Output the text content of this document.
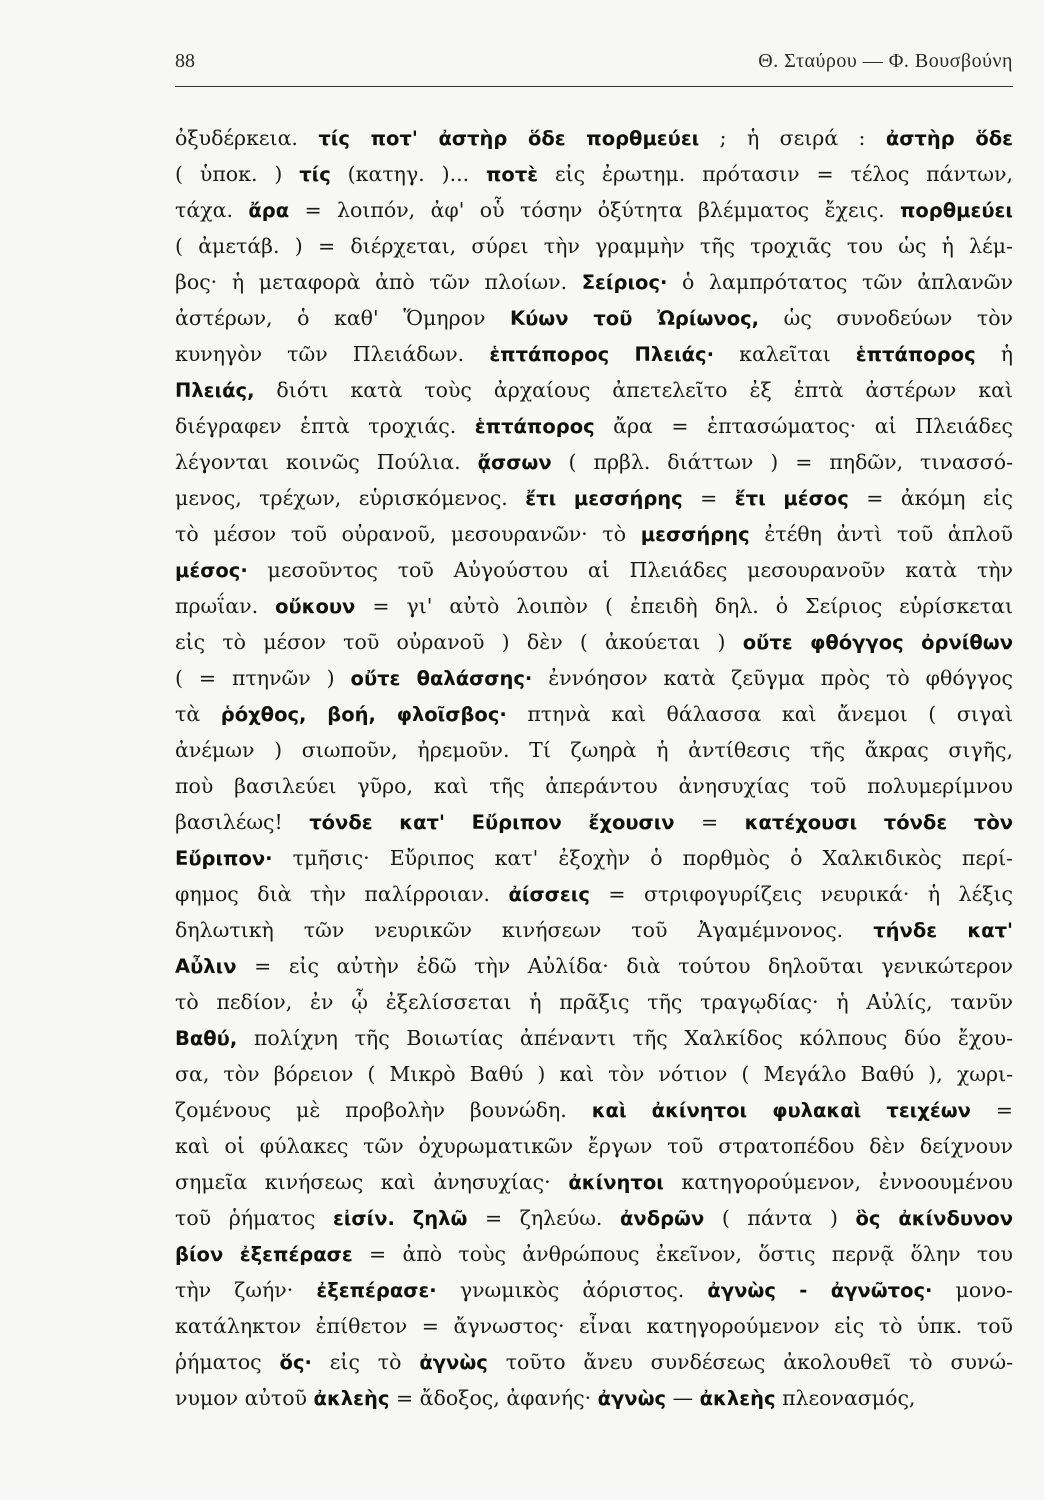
88	Θ. Σταύρου — Φ. Βουσβούνη
ὀξυδέρκεια. τίς ποτ' ἀστὴρ ὅδε πορθμεύει ; ἡ σειρά : ἀστὴρ ὅδε
( ὑποκ. ) τίς (κατηγ. )... ποτὲ εἰς ἐρωτημ. πρότασιν = τέλος πάντων,
τάχα. ἄρα = λοιπόν, ἀφ' οὗ τόσην ὀξύτητα βλέμματος ἔχεις. πορθμεύει
( ἀμετάβ. ) = διέρχεται, σύρει τὴν γραμμὴν τῆς τροχιᾶς του ὡς ἡ λέμ-
βος· ἡ μεταφορὰ ἀπὸ τῶν πλοίων. Σείριος· ὁ λαμπρότατος τῶν ἀπλανῶν
ἀστέρων, ὁ καθ' Ὅμηρον Κύων τοῦ Ὠρίωνος, ὡς συνοδεύων τὸν
κυνηγὸν τῶν Πλειάδων. ἑπτάπορος Πλειάς· καλεῖται ἑπτάπορος ἡ
Πλειάς, διότι κατὰ τοὺς ἀρχαίους ἀπετελεῖτο ἐξ ἑπτὰ ἀστέρων καὶ
διέγραφεν ἑπτὰ τροχιάς. ἑπτάπορος ἄρα = ἑπτασώματος· αἱ Πλειάδες
λέγονται κοινῶς Πούλια. ᾄσσων ( πρβλ. διάττων ) = πηδῶν, τινασσό-
μενος, τρέχων, εὑρισκόμενος. ἔτι μεσσήρης = ἔτι μέσος = ἀκόμη εἰς
τὸ μέσον τοῦ οὐρανοῦ, μεσουρανῶν· τὸ μεσσήρης ἐτέθη ἀντὶ τοῦ ἁπλοῦ
μέσος· μεσοῦντος τοῦ Αὐγούστου αἱ Πλειάδες μεσουρανοῦν κατὰ τὴν
πρωΐαν. οὔκουν = γι' αὐτὸ λοιπὸν ( ἐπειδὴ δηλ. ὁ Σείριος εὑρίσκεται
εἰς τὸ μέσον τοῦ οὐρανοῦ ) δὲν ( ἀκούεται ) οὔτε φθόγγος ὀρνίθων
( = πτηνῶν ) οὔτε θαλάσσης· ἐννόησον κατὰ ζεῦγμα πρὸς τὸ φθόγγος
τὰ ῥόχθος, βοή, φλοῖσβος· πτηνὰ καὶ θάλασσα καὶ ἄνεμοι ( σιγαὶ
ἀνέμων ) σιωποῦν, ἠρεμοῦν. Τί ζωηρὰ ἡ ἀντίθεσις τῆς ἄκρας σιγῆς,
ποὺ βασιλεύει γῦρο, καὶ τῆς ἀπεράντου ἀνησυχίας τοῦ πολυμερίμνου
βασιλέως! τόνδε κατ' Εὔριπον ἔχουσιν = κατέχουσι τόνδε τὸν
Εὔριπον· τμῆσις· Εὔριπος κατ' ἐξοχὴν ὁ πορθμὸς ὁ Χαλκιδικὸς περί-
φημος διὰ τὴν παλίρροιαν. ἀίσσεις = στριφογυρίζεις νευρικά· ἡ λέξις
δηλωτικὴ τῶν νευρικῶν κινήσεων τοῦ Ἀγαμέμνονος. τήνδε κατ'
Αὖλιν = εἰς αὐτὴν ἐδῶ τὴν Αὐλίδα· διὰ τούτου δηλοῦται γενικώτερον
τὸ πεδίον, ἐν ᾧ ἐξελίσσεται ἡ πρᾶξις τῆς τραγῳδίας· ἡ Αὐλίς, τανῦν
Βαθύ, πολίχνη τῆς Βοιωτίας ἀπέναντι τῆς Χαλκίδος κόλπους δύο ἔχου-
σα, τὸν βόρειον ( Μικρὸ Βαθύ ) καὶ τὸν νότιον ( Μεγάλο Βαθύ ), χωρι-
ζομένους μὲ προβολὴν βουνώδη. καὶ ἀκίνητοι φυλακαὶ τειχέων =
καὶ οἱ φύλακες τῶν ὀχυρωματικῶν ἔργων τοῦ στρατοπέδου δὲν δείχνουν
σημεῖα κινήσεως καὶ ἀνησυχίας· ἀκίνητοι κατηγορούμενον, ἐννοουμένου
τοῦ ῥήματος εἰσίν. ζηλῶ = ζηλεύω. ἀνδρῶν ( πάντα ) ὃς ἀκίνδυνον
βίον ἐξεπέρασε = ἀπὸ τοὺς ἀνθρώπους ἐκεῖνον, ὅστις περνᾷ ὅλην του
τὴν ζωήν· ἐξεπέρασε· γνωμικὸς ἀόριστος. ἀγνὼς - ἀγνῶτος· μονο-
κατάληκτον ἐπίθετον = ἄγνωστος· εἶναι κατηγορούμενον εἰς τὸ ὑπκ. τοῦ
ῥήματος ὅς· εἰς τὸ ἀγνὼς τοῦτο ἄνευ συνδέσεως ἀκολουθεῖ τὸ συνώ-
νυμον αὐτοῦ ἀκλεὴς = ἄδοξος, ἀφανής· ἀγνὼς — ἀκλεὴς πλεονασμός,
